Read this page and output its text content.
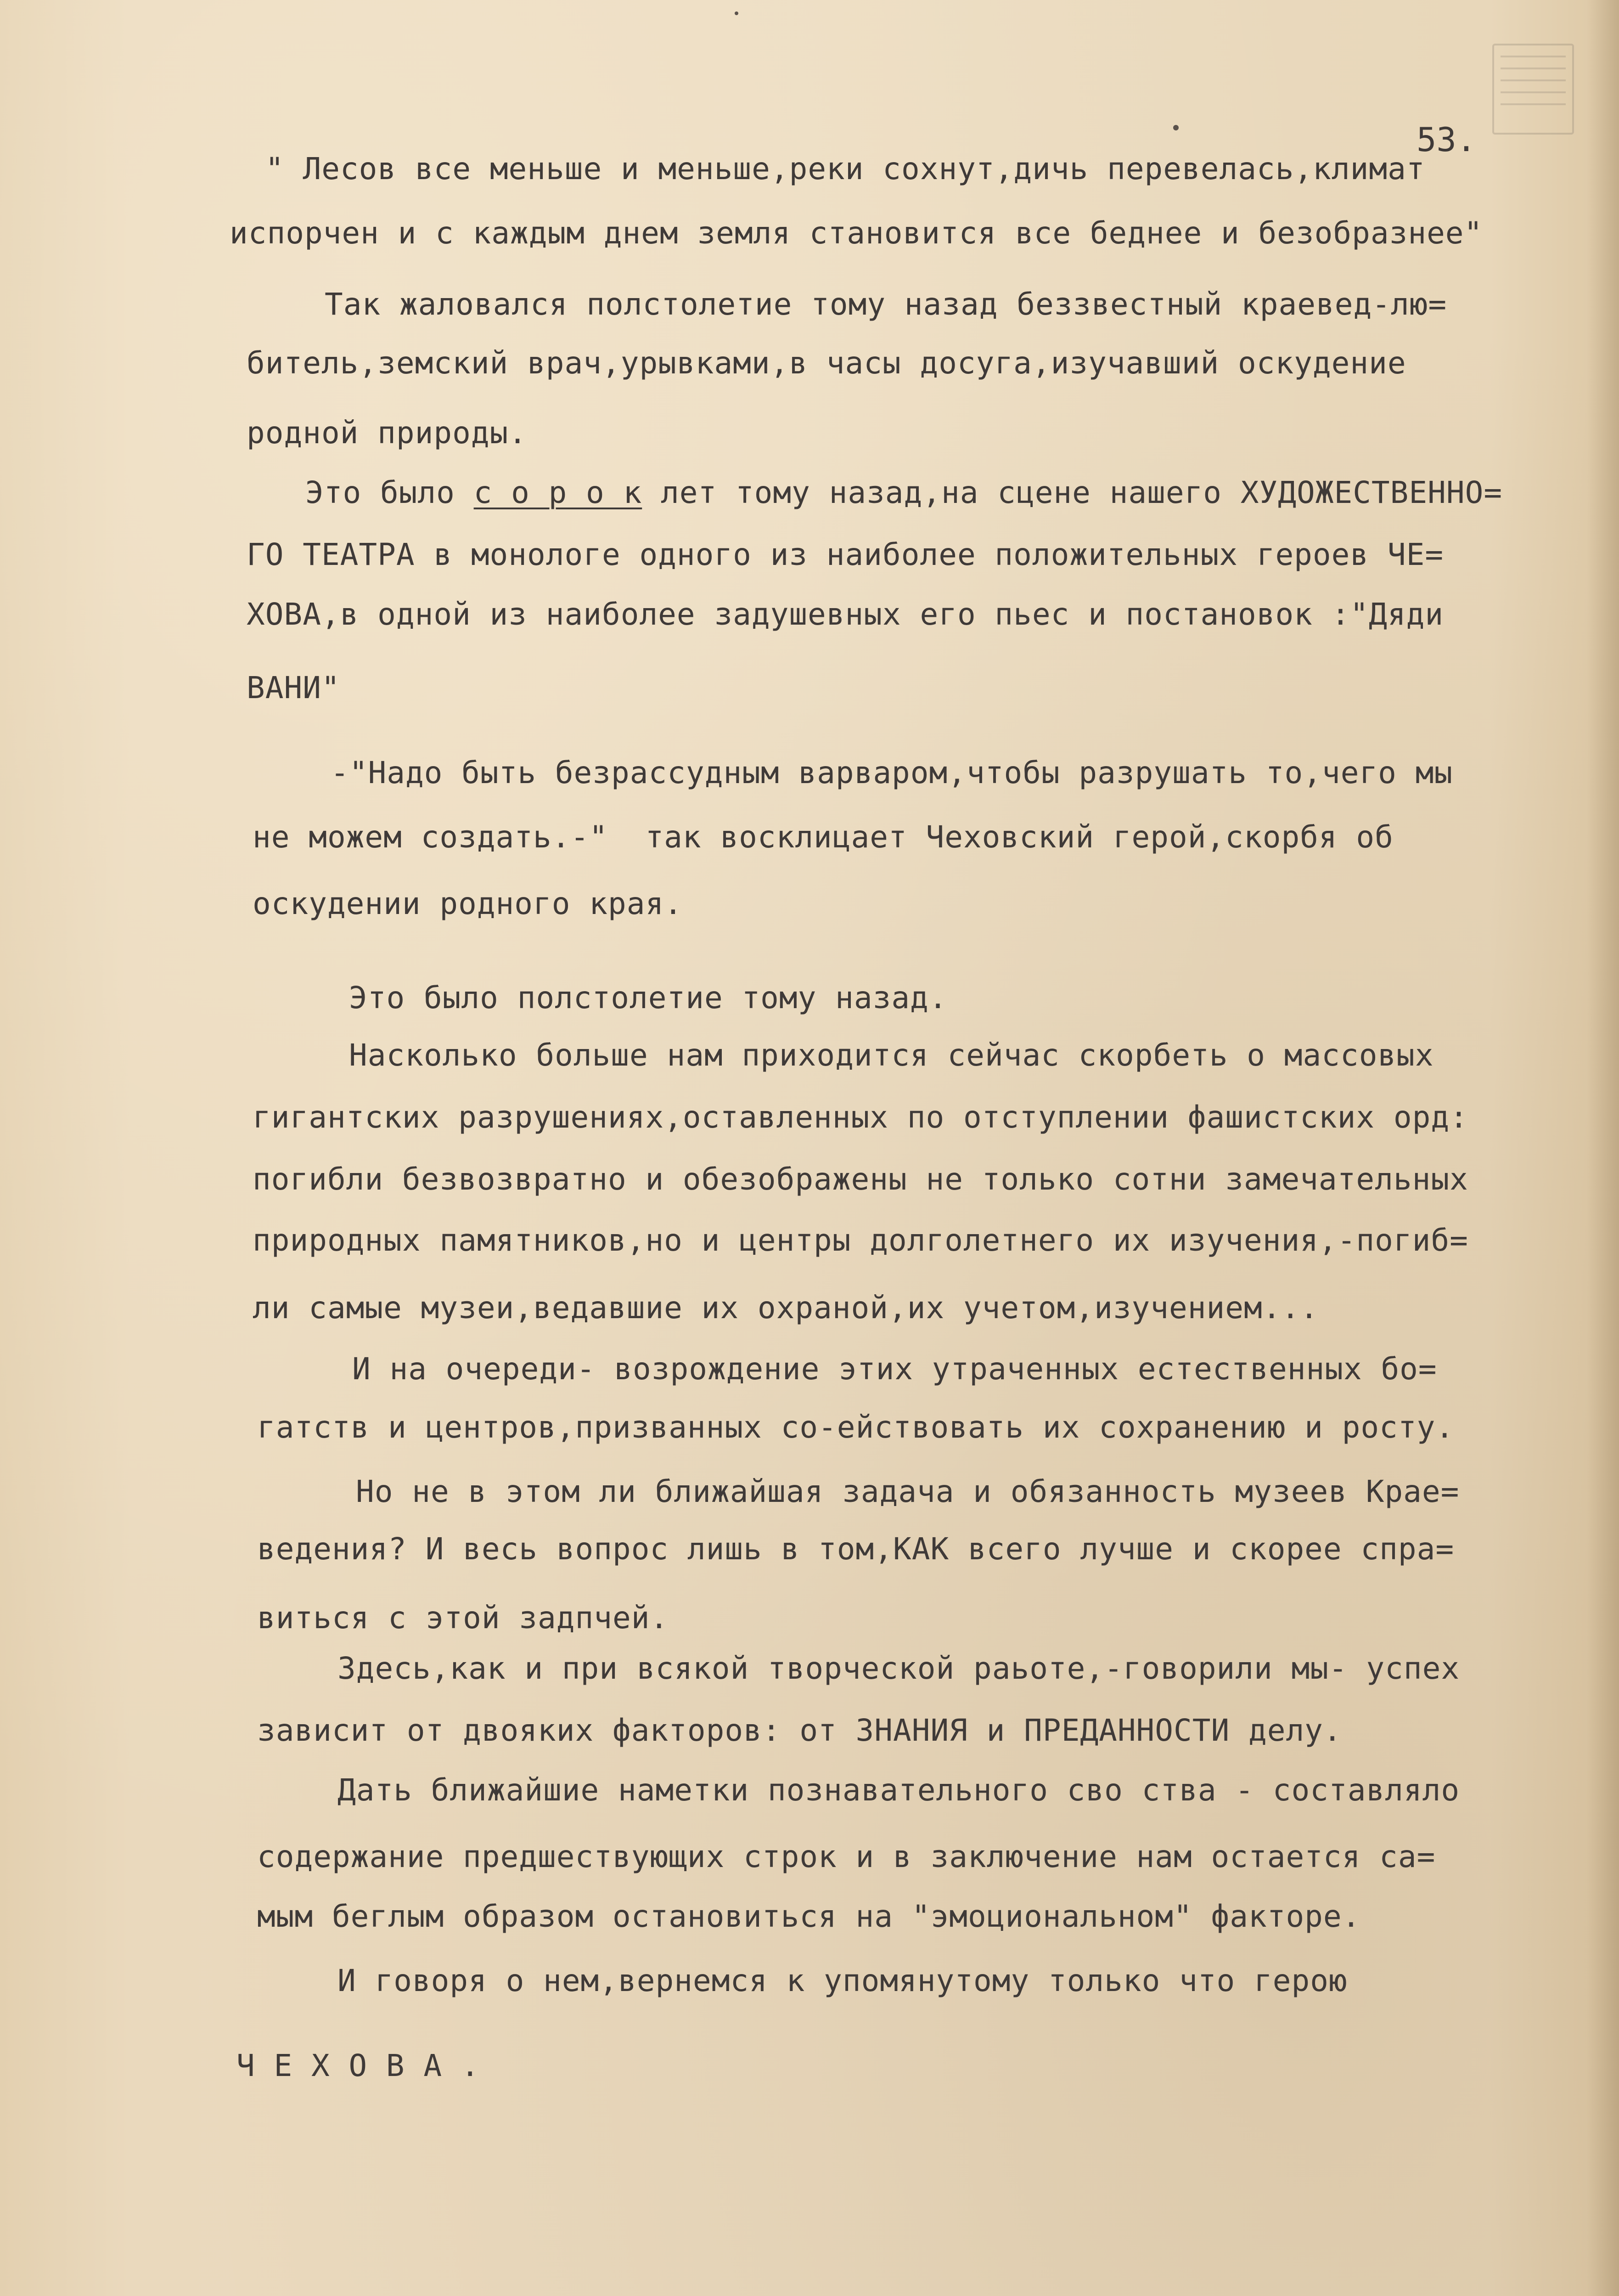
53.
" Лесов все меньше и меньше,реки сохнут,дичь перевелась,климат
испорчен и с каждым днем земля становится все беднее и безобразнее"
Так жаловался полстолетие тому назад беззвестный краевед-лю=
битель,земский врач,урывками,в часы досуга,изучавший оскудение
родной природы.
Это было с о р о к лет тому назад,на сцене нашего ХУДОЖЕСТВЕННО=
ГО ТЕАТРА в монологе одного из наиболее положительных героев ЧЕ=
ХОВА,в одной из наиболее задушевных его пьес и постановок :"Дяди
ВАНИ"
-"Надо быть безрассудным варваром,чтобы разрушать то,чего мы
не можем создать.-"  так восклицает Чеховский герой,скорбя об
оскудении родного края.
Это было полстолетие тому назад.
Насколько больше нам приходится сейчас скорбеть о массовых
гигантских разрушениях,оставленных по отступлении фашистских орд:
погибли безвозвратно и обезображены не только сотни замечательных
природных памятников,но и центры долголетнего их изучения,-погиб=
ли самые музеи,ведавшие их охраной,их учетом,изучением...
И на очереди- возрождение этих утраченных естественных бо=
гатств и центров,призванных со-ействовать их сохранению и росту.
Но не в этом ли ближайшая задача и обязанность музеев Крае=
ведения? И весь вопрос лишь в том,КАК всего лучше и скорее спра=
виться с этой задпчей.
Здесь,как и при всякой творческой раьоте,-говорили мы- успех
зависит от двояких факторов: от ЗНАНИЯ и ПРЕДАННОСТИ делу.
Дать ближайшие наметки познавательного сво ства - составляло
содержание предшествующих строк и в заключение нам остается са=
мым беглым образом остановиться на "эмоциональном" факторе.
И говоря о нем,вернемся к упомянутому только что герою
Ч Е Х О В А .
